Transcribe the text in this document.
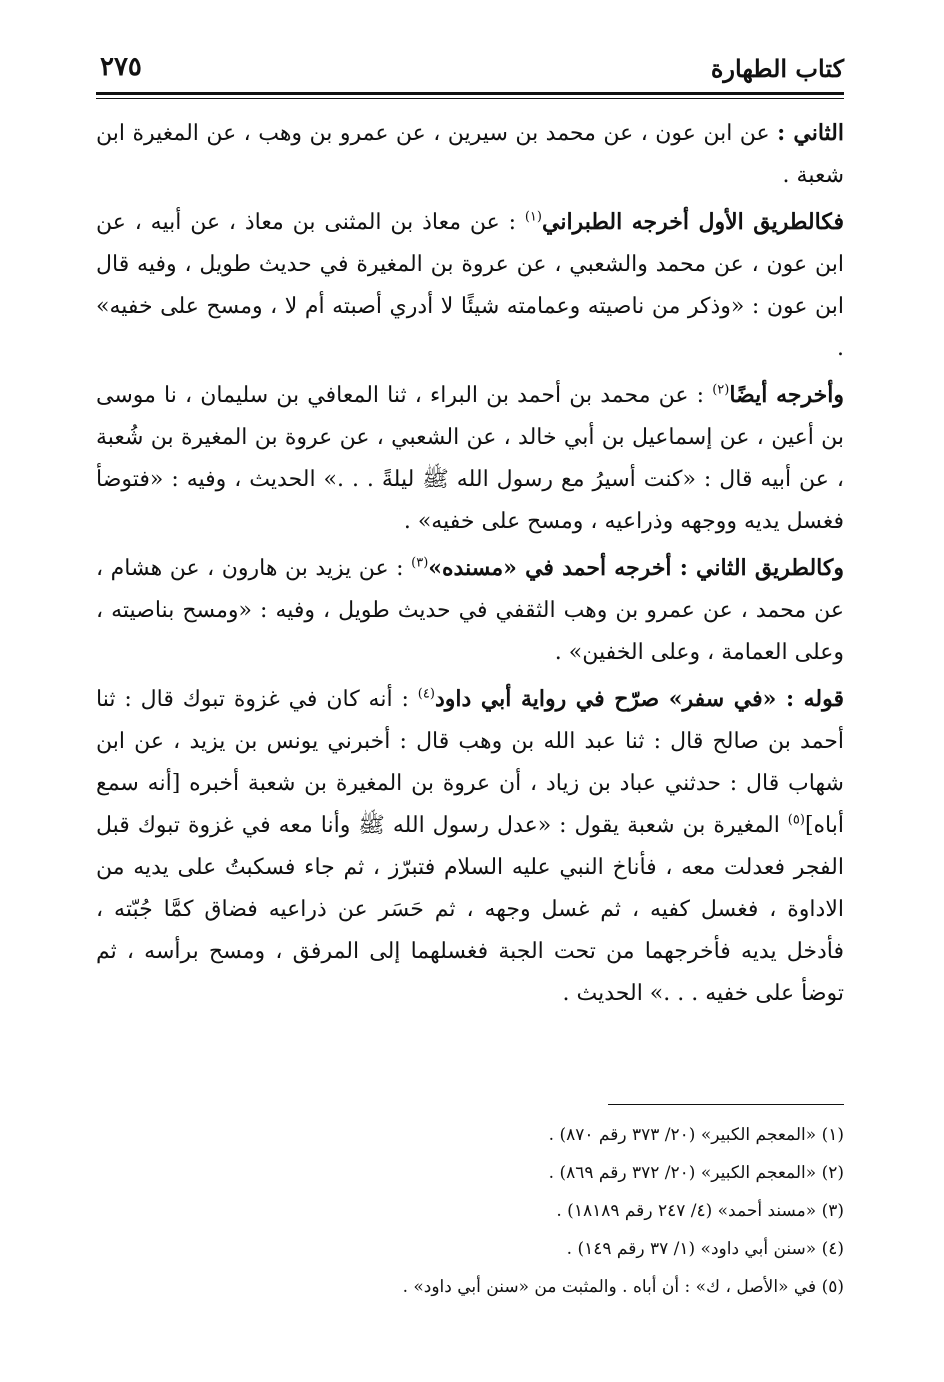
كتاب الطهارة
٢٧٥

الثاني : عن ابن عون ، عن محمد بن سيرين ، عن عمرو بن وهب ، عن المغيرة ابن شعبة .

فكالطريق الأول أخرجه الطبراني$^{(١)}$ : عن معاذ بن المثنى بن معاذ ، عن أبيه ، عن ابن عون ، عن محمد والشعبي ، عن عروة بن المغيرة في حديث طويل ، وفيه قال ابن عون : «وذكر من ناصيته وعمامته شيئًا لا أدري أصبته أم لا ، ومسح على خفيه» .

وأخرجه أيضًا$^{(٢)}$ : عن محمد بن أحمد بن البراء ، ثنا المعافي بن سليمان ، نا موسى بن أعين ، عن إسماعيل بن أبي خالد ، عن الشعبي ، عن عروة بن المغيرة بن شُعبة ، عن أبيه قال : «كنت أسيرُ مع رسول الله ﷺ ليلةً . . .» الحديث ، وفيه : «فتوضأ فغسل يديه ووجهه وذراعيه ، ومسح على خفيه» .

وكالطريق الثاني : أخرجه أحمد في «مسنده»$^{(٣)}$ : عن يزيد بن هارون ، عن هشام ، عن محمد ، عن عمرو بن وهب الثقفي في حديث طويل ، وفيه : «ومسح بناصيته ، وعلى العمامة ، وعلى الخفين» .

قوله : «في سفر» صرّح في رواية أبي داود$^{(٤)}$ : أنه كان في غزوة تبوك قال : ثنا أحمد بن صالح قال : ثنا عبد الله بن وهب قال : أخبرني يونس بن يزيد ، عن ابن شهاب قال : حدثني عباد بن زياد ، أن عروة بن المغيرة بن شعبة أخبره [أنه سمع أباه]$^{(٥)}$ المغيرة بن شعبة يقول : «عدل رسول الله ﷺ وأنا معه في غزوة تبوك قبل الفجر فعدلت معه ، فأناخ النبي عليه السلام فتبرّز ، ثم جاء فسكبتُ على يديه من الاداوة ، فغسل كفيه ، ثم غسل وجهه ، ثم حَسَر عن ذراعيه فضاق كمَّا جُبّته ، فأدخل يديه فأخرجهما من تحت الجبة فغسلهما إلى المرفق ، ومسح برأسه ، ثم توضأ على خفيه . . .» الحديث .

(١) «المعجم الكبير» (٢٠/ ٣٧٣ رقم ٨٧٠) .

(٢) «المعجم الكبير» (٢٠/ ٣٧٢ رقم ٨٦٩) .

(٣) «مسند أحمد» (٤/ ٢٤٧ رقم ١٨١٨٩) .

(٤) «سنن أبي داود» (١/ ٣٧ رقم ١٤٩) .

(٥) في «الأصل ، ك» : أن أباه . والمثبت من «سنن أبي داود» .
